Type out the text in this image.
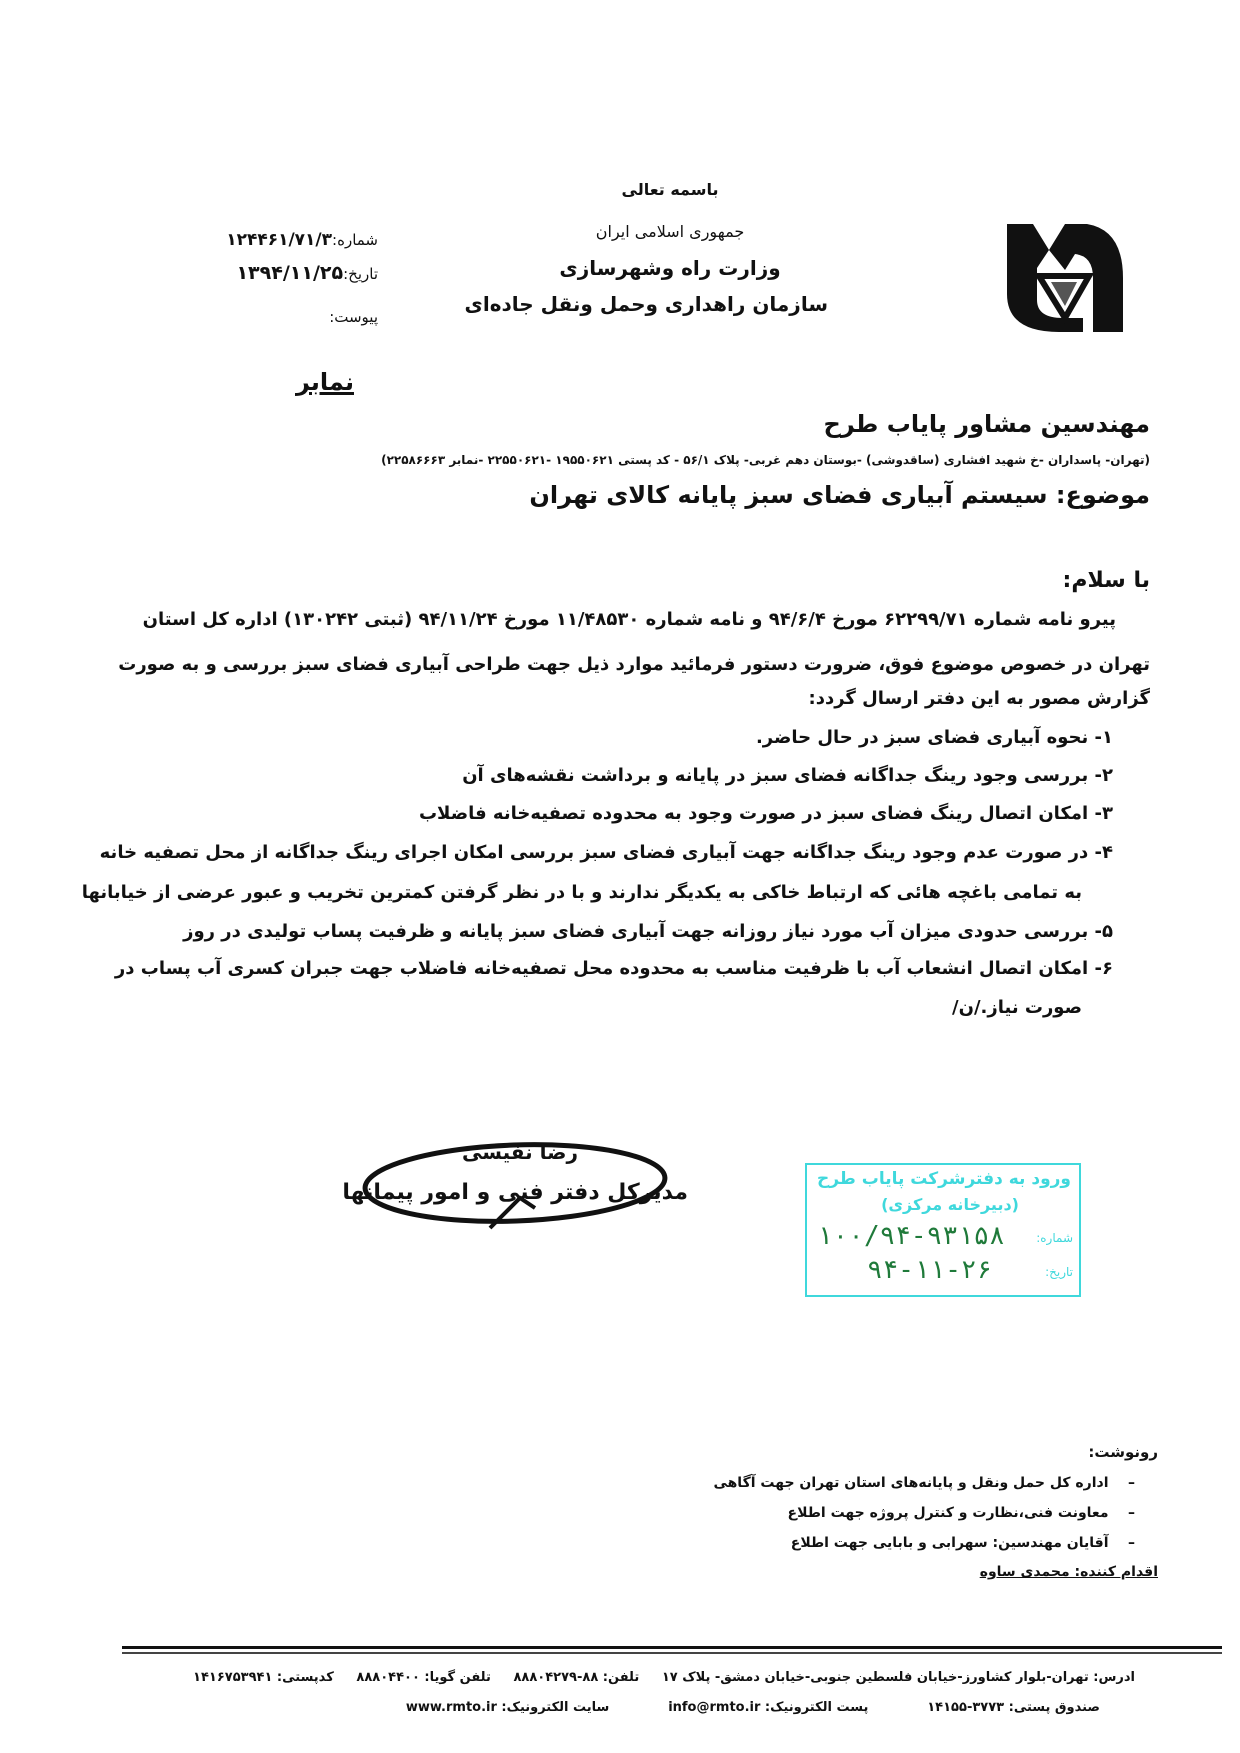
باسمه تعالی
جمهوری اسلامی ایران
وزارت راه وشهرسازی
سازمان راهداری وحمل ونقل جاده‌ای
شماره:۱۲۴۴۶۱/۷۱/۳
تاریخ:۱۳۹۴/۱۱/۲۵
پیوست:
نمابر
مهندسین مشاور پایاب طرح
(تهران- پاسداران -خ شهید افشاری (ساقدوشی) -بوستان دهم غربی- پلاک ۵۶/۱ - کد پستی ۱۹۵۵۰۶۲۱ -۲۲۵۵۰۶۲۱ -نمابر ۲۲۵۸۶۶۶۳)
موضوع: سیستم آبیاری فضای سبز پایانه کالای تهران
با سلام:
پیرو نامه شماره ۶۲۲۹۹/۷۱ مورخ ۹۴/۶/۴ و نامه شماره ۱۱/۴۸۵۳۰ مورخ ۹۴/۱۱/۲۴ (ثبتی ۱۳۰۲۴۲) اداره کل استان
تهران در خصوص موضوع فوق، ضرورت دستور فرمائید موارد ذیل جهت طراحی آبیاری فضای سبز بررسی و به صورت
گزارش مصور به این دفتر ارسال گردد:
۱- نحوه آبیاری فضای سبز در حال حاضر.
۲- بررسی وجود رینگ جداگانه فضای سبز در پایانه و برداشت نقشه‌های آن
۳- امکان اتصال رینگ فضای سبز در صورت وجود به محدوده تصفیه‌خانه فاضلاب
۴- در صورت عدم وجود رینگ جداگانه جهت آبیاری فضای سبز بررسی امکان اجرای رینگ جداگانه از محل تصفیه خانه
به تمامی باغچه هائی که ارتباط خاکی به یکدیگر ندارند و با در نظر گرفتن کمترین تخریب و عبور عرضی از خیابانها
۵- بررسی حدودی میزان آب مورد نیاز روزانه جهت آبیاری فضای سبز پایانه و ظرفیت پساب تولیدی در روز
۶- امکان اتصال انشعاب آب با ظرفیت مناسب به محدوده محل تصفیه‌خانه فاضلاب جهت جبران کسری آب پساب در
صورت نیاز./ن/
رضا نفیسی
مدیرکل دفتر فنی و امور پیمانها
ورود به دفترشرکت پایاب طرح
(دبیرخانه مرکزی)
شماره:
۱۰۰/۹۴-۹۳۱۵۸
تاریخ:
۹۴-۱۱-۲۶
رونوشت:
–    اداره کل حمل ونقل و پایانه‌های استان تهران جهت آگاهی
–    معاونت فنی،نظارت و کنترل پروژه جهت اطلاع
–    آقایان مهندسین: سهرابی و بابایی جهت اطلاع
اقدام کننده: محمدی ساوه
ادرس: تهران-بلوار کشاورز-خیابان فلسطین جنوبی-خیابان دمشق- پلاک ۱۷     تلفن: ۸۸-۸۸۸۰۴۲۷۹     تلفن گویا: ۸۸۸۰۴۴۰۰     کدپستی: ۱۴۱۶۷۵۳۹۴۱
صندوق پستی: ۳۷۷۳-۱۴۱۵۵             پست الکترونیک: info@rmto.ir             سایت الکترونیک: www.rmto.ir
